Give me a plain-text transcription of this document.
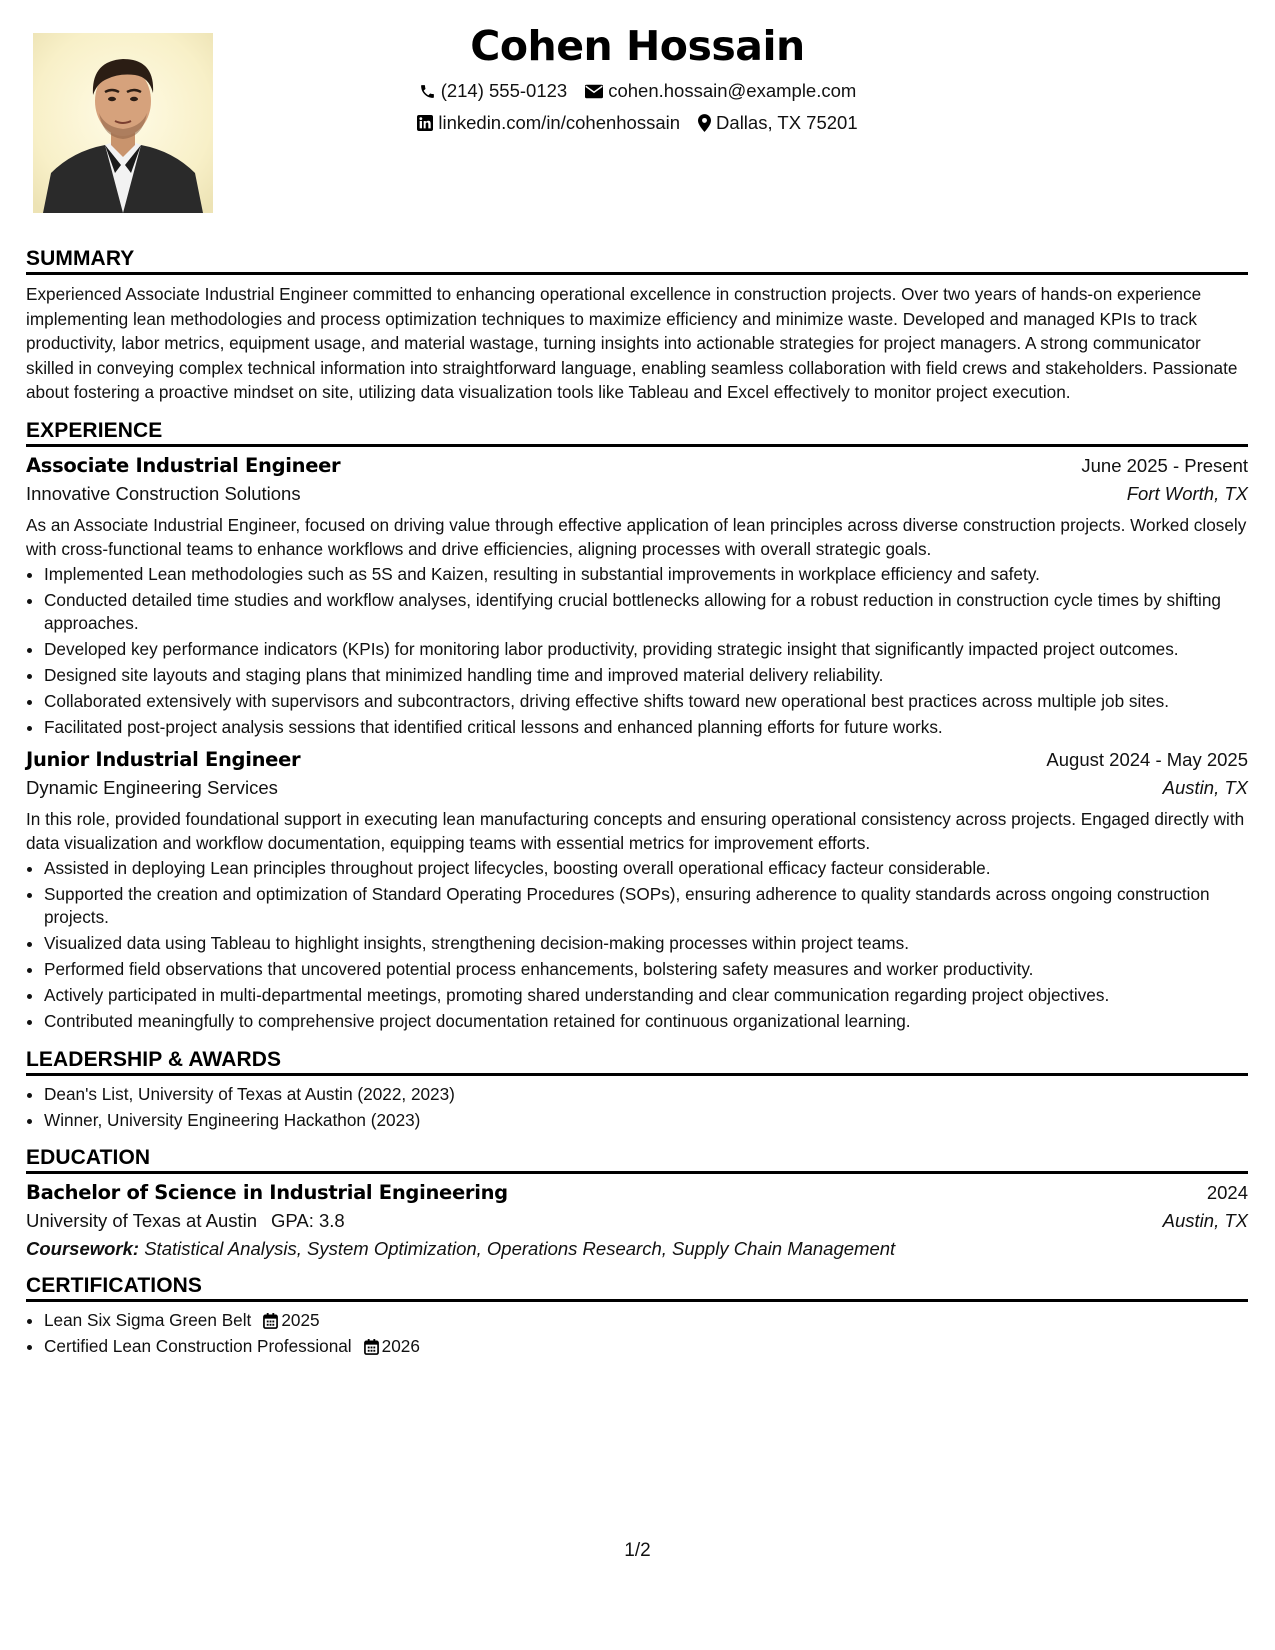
Cohen Hossain
(214) 555-0123 cohen.hossain@example.com
linkedin.com/in/cohenhossain Dallas, TX 75201
SUMMARY

Experienced Associate Industrial Engineer committed to enhancing operational excellence in construction projects. Over two years of hands-on experience implementing lean methodologies and process optimization techniques to maximize efficiency and minimize waste. Developed and managed KPIs to track productivity, labor metrics, equipment usage, and material wastage, turning insights into actionable strategies for project managers. A strong communicator skilled in conveying complex technical information into straightforward language, enabling seamless collaboration with field crews and stakeholders. Passionate about fostering a proactive mindset on site, utilizing data visualization tools like Tableau and Excel effectively to monitor project execution.

EXPERIENCE
Associate Industrial Engineer	June 2025 - Present
Innovative Construction Solutions	Fort Worth, TX

As an Associate Industrial Engineer, focused on driving value through effective application of lean principles across diverse construction projects. Worked closely with cross-functional teams to enhance workflows and drive efficiencies, aligning processes with overall strategic goals.

• Implemented Lean methodologies such as 5S and Kaizen, resulting in substantial improvements in workplace efficiency and safety.
• Conducted detailed time studies and workflow analyses, identifying crucial bottlenecks allowing for a robust reduction in construction cycle times by shifting approaches.
• Developed key performance indicators (KPIs) for monitoring labor productivity, providing strategic insight that significantly impacted project outcomes.
• Designed site layouts and staging plans that minimized handling time and improved material delivery reliability.
• Collaborated extensively with supervisors and subcontractors, driving effective shifts toward new operational best practices across multiple job sites.
• Facilitated post-project analysis sessions that identified critical lessons and enhanced planning efforts for future works.
Junior Industrial Engineer	August 2024 - May 2025
Dynamic Engineering Services	Austin, TX

In this role, provided foundational support in executing lean manufacturing concepts and ensuring operational consistency across projects. Engaged directly with data visualization and workflow documentation, equipping teams with essential metrics for improvement efforts.

• Assisted in deploying Lean principles throughout project lifecycles, boosting overall operational efficacy facteur considerable.
• Supported the creation and optimization of Standard Operating Procedures (SOPs), ensuring adherence to quality standards across ongoing construction projects.
• Visualized data using Tableau to highlight insights, strengthening decision-making processes within project teams.
• Performed field observations that uncovered potential process enhancements, bolstering safety measures and worker productivity.
• Actively participated in multi-departmental meetings, promoting shared understanding and clear communication regarding project objectives.
• Contributed meaningfully to comprehensive project documentation retained for continuous organizational learning.
LEADERSHIP & AWARDS
• Dean's List, University of Texas at Austin (2022, 2023)
• Winner, University Engineering Hackathon (2023)
EDUCATION
Bachelor of Science in Industrial Engineering	2024
University of Texas at Austin GPA: 3.8	Austin, TX
Coursework: Statistical Analysis, System Optimization, Operations Research, Supply Chain Management
CERTIFICATIONS
• Lean Six Sigma Green Belt 2025
• Certified Lean Construction Professional 2026
1/2
